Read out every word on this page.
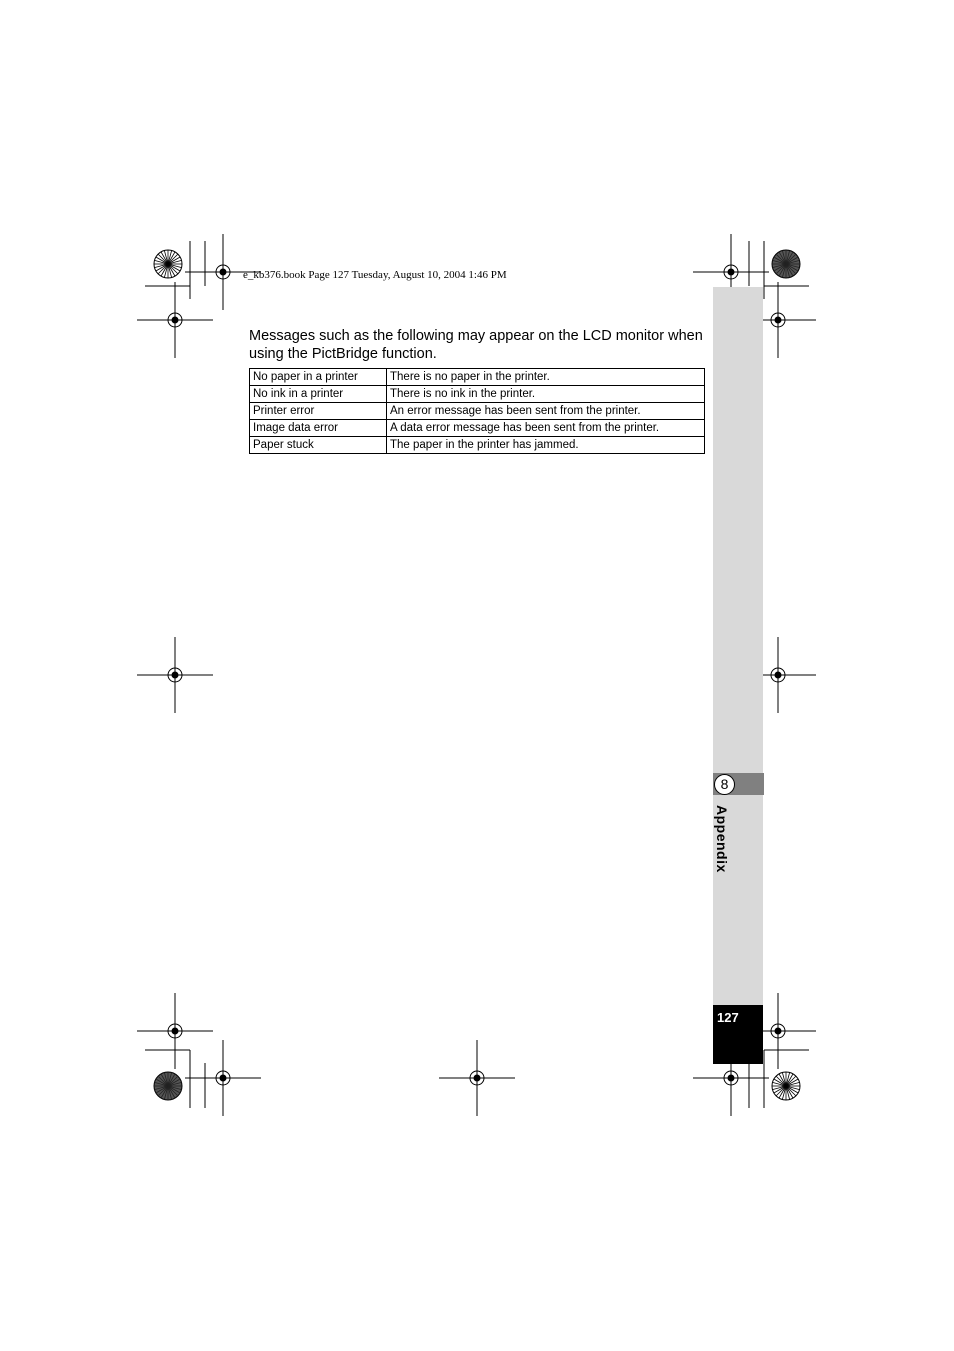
e_kb376.book Page 127 Tuesday, August 10, 2004 1:46 PM
Messages such as the following may appear on the LCD monitor when using the PictBridge function.
No paper in a printer	There is no paper in the printer.
No ink in a printer	There is no ink in the printer.
Printer error	An error message has been sent from the printer.
Image data error	A data error message has been sent from the printer.
Paper stuck	The paper in the printer has jammed.
8
Appendix
127
